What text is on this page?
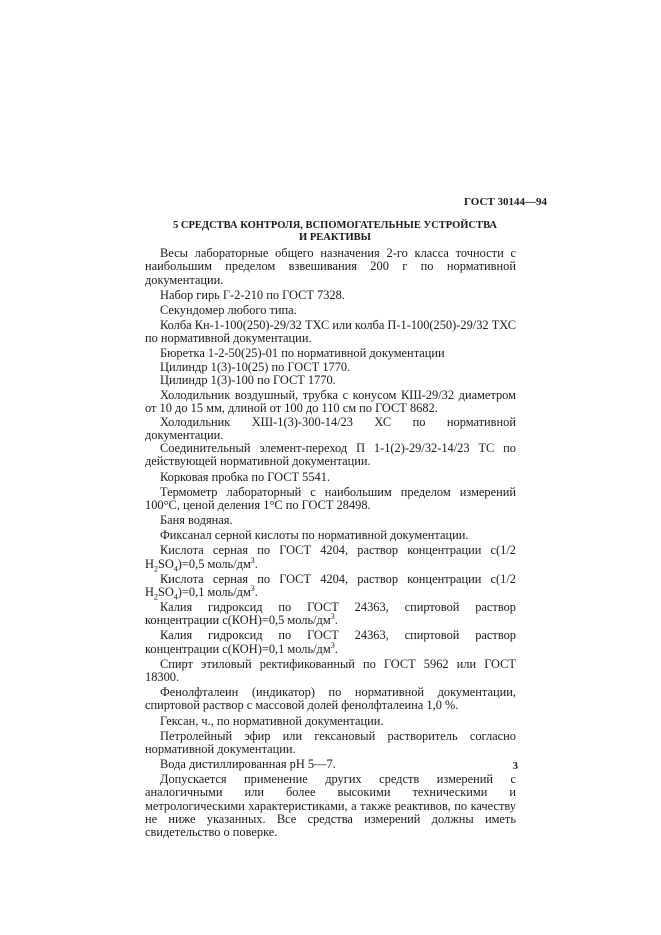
ГОСТ 30144—94
5 СРЕДСТВА КОНТРОЛЯ, ВСПОМОГАТЕЛЬНЫЕ УСТРОЙСТВА
И РЕАКТИВЫ

Весы лабораторные общего назначения 2-го класса точности с наибольшим пределом взвешивания 200 г по нормативной документации.

Набор гирь Г-2-210 по ГОСТ 7328.

Секундомер любого типа.

Колба Кн-1-100(250)-29/32 ТХС или колба П-1-100(250)-29/32 ТХС по нормативной документации.

Бюретка 1-2-50(25)-01 по нормативной документации

Цилиндр 1(3)-10(25) по ГОСТ 1770.

Цилиндр 1(3)-100 по ГОСТ 1770.

Холодильник воздушный, трубка с конусом КШ-29/32 диаметром от 10 до 15 мм, длиной от 100 до 110 см по ГОСТ 8682.

Холодильник ХШ-1(3)-300-14/23 ХС по нормативной документации.

Соединительный элемент-переход П 1-1(2)-29/32-14/23 ТС по действующей нормативной документации.

Корковая пробка по ГОСТ 5541.

Термометр лабораторный с наибольшим пределом измерений 100°С, ценой деления 1°С по ГОСТ 28498.

Баня водяная.

Фиксанал серной кислоты по нормативной документации.

Кислота серная по ГОСТ 4204, раствор концентрации с(1/2 $H_2SO_4)=0,5$ моль/$дм^3$.

Кислота серная по ГОСТ 4204, раствор концентрации с(1/2 $H_2SO_4)=0,1$ моль/$дм^3$.

Калия гидроксид по ГОСТ 24363, спиртовой раствор концентрации с(КОН)=0,5 моль/$дм^3$.

Калия гидроксид по ГОСТ 24363, спиртовой раствор концентрации с(КОН)=0,1 моль/$дм^3$.

Спирт этиловый ректификованный по ГОСТ 5962 или ГОСТ 18300.

Фенолфталеин (индикатор) по нормативной документации, спиртовой раствор с массовой долей фенолфталеина 1,0 %.

Гексан, ч., по нормативной документации.

Петролейный эфир или гексановый растворитель согласно нормативной документации.

Вода дистиллированная pH 5—7.

Допускается применение других средств измерений с аналогичными или более высокими техническими и метрологическими характеристиками, а также реактивов, по качеству не ниже указанных. Все средства измерений должны иметь свидетельство о поверке.

3
